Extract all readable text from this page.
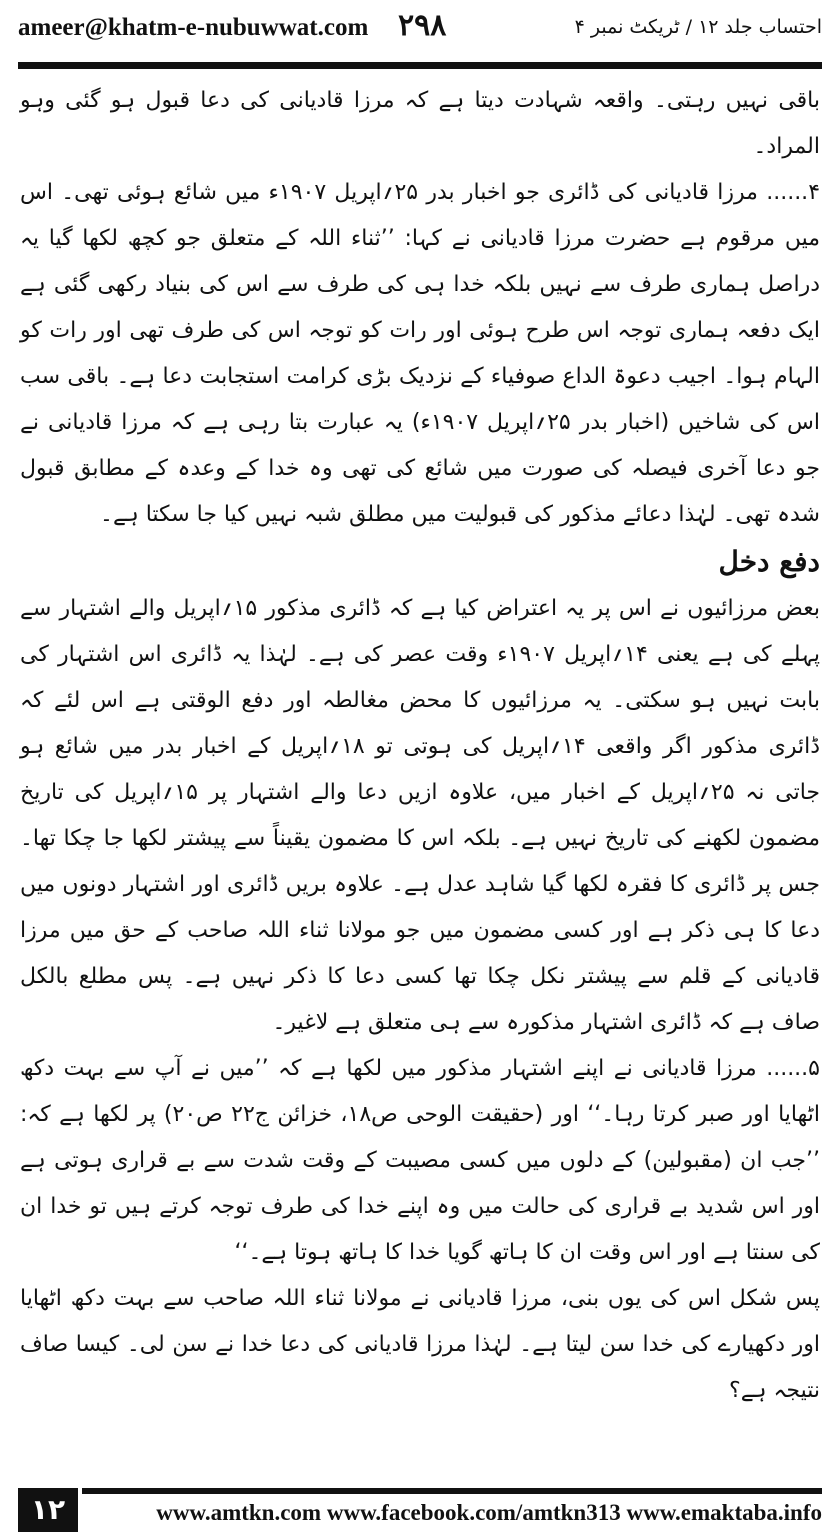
ameer@khatm-e-nubuwwat.com ۲۹۸	احتساب جلد ۱۲ / ٹریکٹ نمبر ۴

باقی نہیں رہتی۔ واقعہ شہادت دیتا ہے کہ مرزا قادیانی کی دعا قبول ہو گئی وہو المراد۔

۴...... مرزا قادیانی کی ڈائری جو اخبار بدر ۲۵؍اپریل ۱۹۰۷ء میں شائع ہوئی تھی۔ اس میں مرقوم ہے حضرت مرزا قادیانی نے کہا: ’’ثناء اللہ کے متعلق جو کچھ لکھا گیا یہ دراصل ہماری طرف سے نہیں بلکہ خدا ہی کی طرف سے اس کی بنیاد رکھی گئی ہے ایک دفعہ ہماری توجہ اس طرح ہوئی اور رات کو توجہ اس کی طرف تھی اور رات کو الہام ہوا۔ اجیب دعوۃ الداع صوفیاء کے نزدیک بڑی کرامت استجابت دعا ہے۔ باقی سب اس کی شاخیں (اخبار بدر ۲۵؍اپریل ۱۹۰۷ء) یہ عبارت بتا رہی ہے کہ مرزا قادیانی نے جو دعا آخری فیصلہ کی صورت میں شائع کی تھی وہ خدا کے وعدہ کے مطابق قبول شدہ تھی۔ لہٰذا دعائے مذکور کی قبولیت میں مطلق شبہ نہیں کیا جا سکتا ہے۔

دفع دخل

بعض مرزائیوں نے اس پر یہ اعتراض کیا ہے کہ ڈائری مذکور ۱۵؍اپریل والے اشتہار سے پہلے کی ہے یعنی ۱۴؍اپریل ۱۹۰۷ء وقت عصر کی ہے۔ لہٰذا یہ ڈائری اس اشتہار کی بابت نہیں ہو سکتی۔ یہ مرزائیوں کا محض مغالطہ اور دفع الوقتی ہے اس لئے کہ ڈائری مذکور اگر واقعی ۱۴؍اپریل کی ہوتی تو ۱۸؍اپریل کے اخبار بدر میں شائع ہو جاتی نہ ۲۵؍اپریل کے اخبار میں، علاوہ ازیں دعا والے اشتہار پر ۱۵؍اپریل کی تاریخ مضمون لکھنے کی تاریخ نہیں ہے۔ بلکہ اس کا مضمون یقیناً سے پیشتر لکھا جا چکا تھا۔ جس پر ڈائری کا فقرہ لکھا گیا شاہد عدل ہے۔ علاوہ بریں ڈائری اور اشتہار دونوں میں دعا کا ہی ذکر ہے اور کسی مضمون میں جو مولانا ثناء اللہ صاحب کے حق میں مرزا قادیانی کے قلم سے پیشتر نکل چکا تھا کسی دعا کا ذکر نہیں ہے۔ پس مطلع بالکل صاف ہے کہ ڈائری اشتہار مذکورہ سے ہی متعلق ہے لاغیر۔

۵...... مرزا قادیانی نے اپنے اشتہار مذکور میں لکھا ہے کہ ’’میں نے آپ سے بہت دکھ اٹھایا اور صبر کرتا رہا۔‘‘ اور (حقیقت الوحی ص۱۸، خزائن ج۲۲ ص۲۰) پر لکھا ہے کہ: ’’جب ان (مقبولین) کے دلوں میں کسی مصیبت کے وقت شدت سے بے قراری ہوتی ہے اور اس شدید بے قراری کی حالت میں وہ اپنے خدا کی طرف توجہ کرتے ہیں تو خدا ان کی سنتا ہے اور اس وقت ان کا ہاتھ گویا خدا کا ہاتھ ہوتا ہے۔‘‘

پس شکل اس کی یوں بنی، مرزا قادیانی نے مولانا ثناء اللہ صاحب سے بہت دکھ اٹھایا اور دکھیارے کی خدا سن لیتا ہے۔ لہٰذا مرزا قادیانی کی دعا خدا نے سن لی۔ کیسا صاف نتیجہ ہے؟

۱۲	www.amtkn.com www.facebook.com/amtkn313 www.emaktaba.info
